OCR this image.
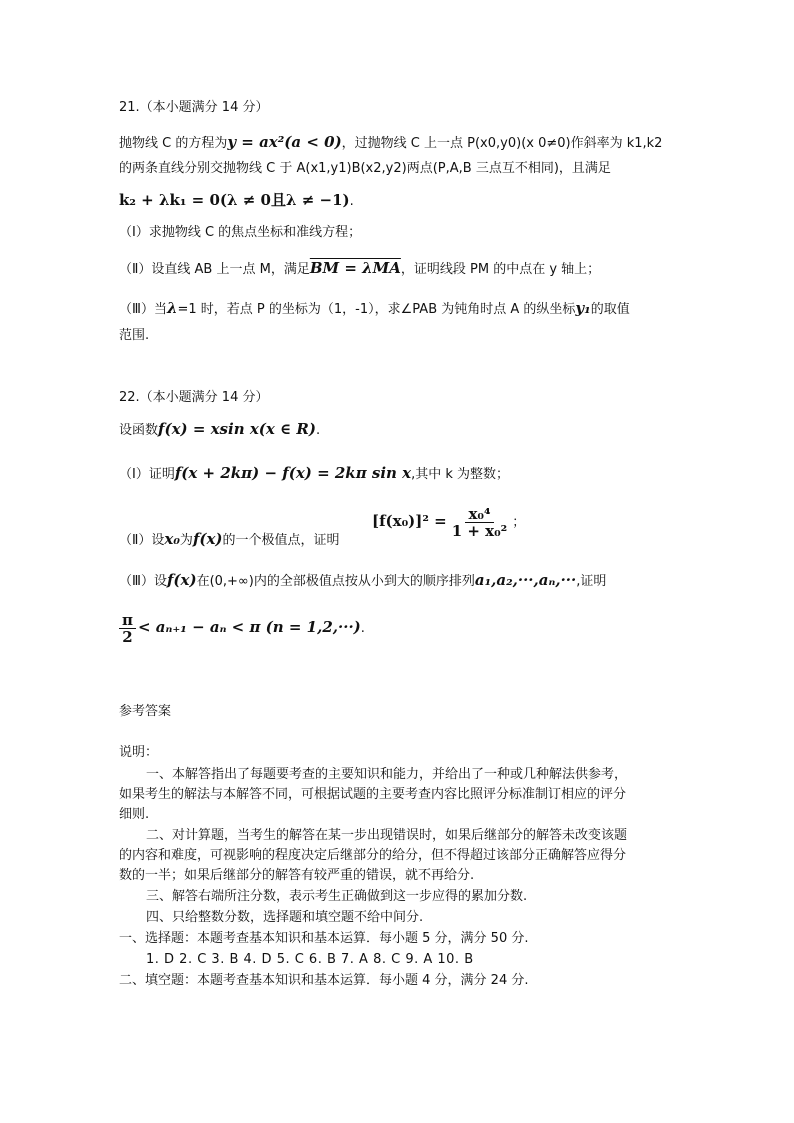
21.（本小题满分 14 分）
抛物线 C 的方程为y = ax²(a < 0)，过抛物线 C 上一点 P(x0,y0)(x 0≠0)作斜率为 k1,k2
的两条直线分别交抛物线 C 于 A(x1,y1)B(x2,y2)两点(P,A,B 三点互不相同)，且满足
k₂ + λk₁ = 0(λ ≠ 0且λ ≠ −1).
（Ⅰ）求抛物线 C 的焦点坐标和准线方程；
（Ⅱ）设直线 AB 上一点 M，满足BM = λMA，证明线段 PM 的中点在 y 轴上；
（Ⅲ）当λ=1 时，若点 P 的坐标为（1，-1），求∠PAB 为钝角时点 A 的纵坐标y₁的取值
范围.
22.（本小题满分 14 分）
设函数f(x) = xsin x(x ∈ R).
（Ⅰ）证明f(x + 2kπ) − f(x) = 2kπ sin x,其中 k 为整数；
（Ⅱ）设x₀为f(x)的一个极值点，证明
$[f(x_0)]^2 = \frac{\text{x₀⁴}}{\text{1 + x₀²}}$ ；
（Ⅲ）设f(x)在(0,+∞)内的全部极值点按从小到大的顺序排列a₁,a₂,···,aₙ,···,证明
$\frac{\pi}{2} < a_{n+1} - a_n < \pi$ (n = 1,2,···).
参考答案
说明：
一、本解答指出了每题要考查的主要知识和能力，并给出了一种或几种解法供参考，
如果考生的解法与本解答不同，可根据试题的主要考查内容比照评分标准制订相应的评分
细则.
二、对计算题，当考生的解答在某一步出现错误时，如果后继部分的解答未改变该题
的内容和难度，可视影响的程度决定后继部分的给分，但不得超过该部分正确解答应得分
数的一半；如果后继部分的解答有较严重的错误，就不再给分.
三、解答右端所注分数，表示考生正确做到这一步应得的累加分数.
四、只给整数分数，选择题和填空题不给中间分.
一、选择题：本题考查基本知识和基本运算．每小题 5 分，满分 50 分.
1. D 2. C 3. B 4. D 5. C 6. B 7. A 8. C 9. A 10. B
二、填空题：本题考查基本知识和基本运算．每小题 4 分，满分 24 分.
